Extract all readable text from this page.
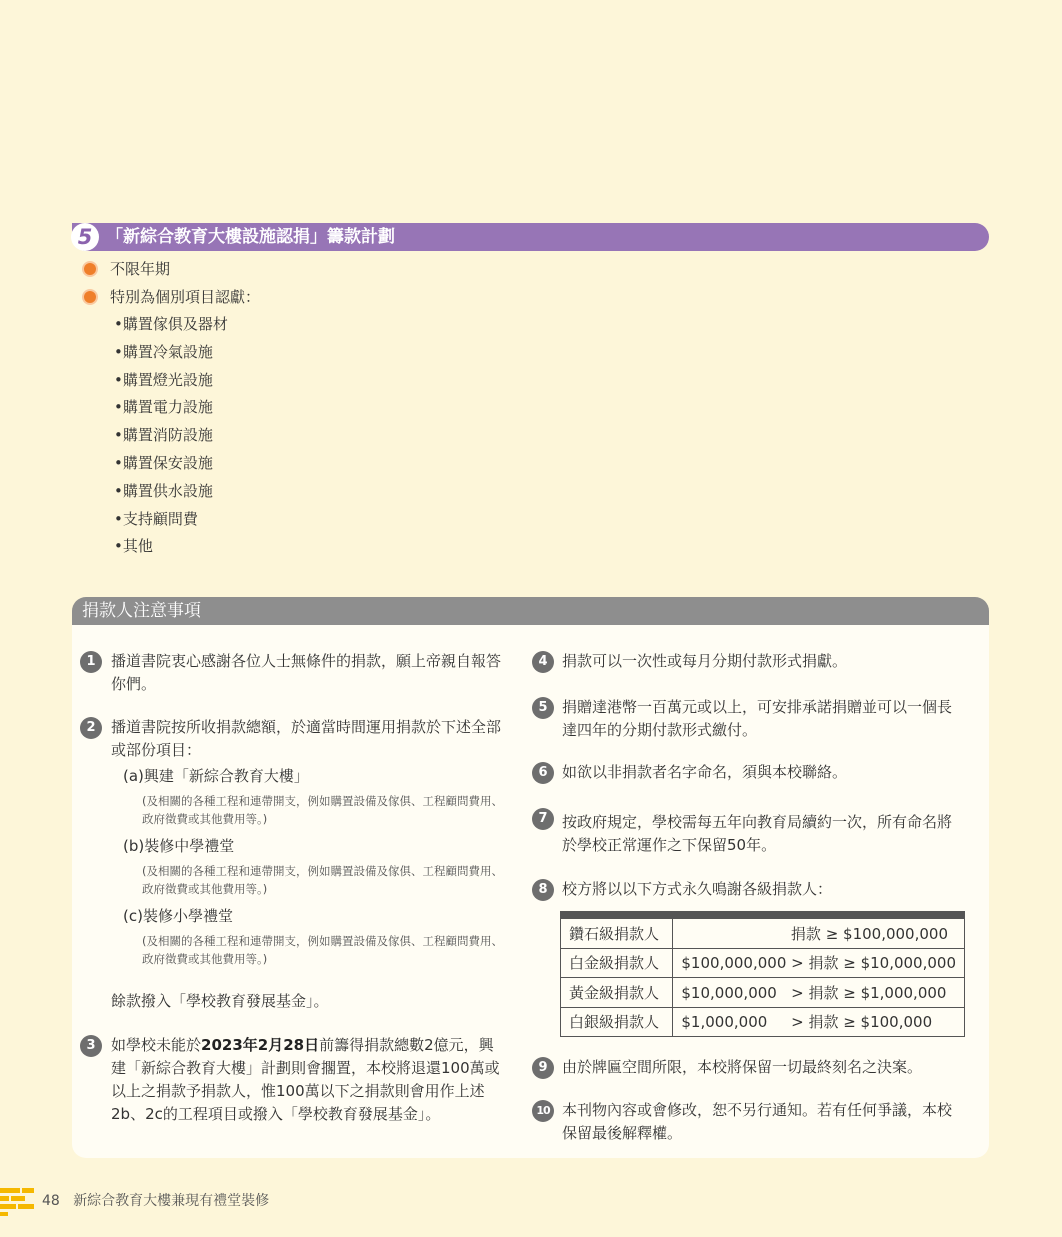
5 「新綜合教育大樓設施認捐」籌款計劃
不限年期
特別為個別項目認獻：
•購置傢俱及器材
•購置冷氣設施
•購置燈光設施
•購置電力設施
•購置消防設施
•購置保安設施
•購置供水設施
•支持顧問費
•其他
捐款人注意事項
1	播道書院衷心感謝各位人士無條件的捐款，願上帝親自報答你們。
2	播道書院按所收捐款總額，於適當時間運用捐款於下述全部或部份項目：
(a)興建「新綜合教育大樓」
(及相關的各種工程和連帶開支，例如購置設備及傢俱、工程顧問費用、政府徵費或其他費用等。)
(b)裝修中學禮堂
(及相關的各種工程和連帶開支，例如購置設備及傢俱、工程顧問費用、政府徵費或其他費用等。)
(c)裝修小學禮堂
(及相關的各種工程和連帶開支，例如購置設備及傢俱、工程顧問費用、政府徵費或其他費用等。)
餘款撥入「學校教育發展基金」。
3	如學校未能於2023年2月28日前籌得捐款總數2億元，興建「新綜合教育大樓」計劃則會擱置，本校將退還100萬或以上之捐款予捐款人，惟100萬以下之捐款則會用作上述2b、2c的工程項目或撥入「學校教育發展基金」。
4 捐款可以一次性或每月分期付款形式捐獻。
5 捐贈達港幣一百萬元或以上，可安排承諾捐贈並可以一個長達四年的分期付款形式繳付。
6 如欲以非捐款者名字命名，須與本校聯絡。
7 按政府規定，學校需每五年向教育局續約一次，所有命名將於學校正常運作之下保留50年。
8 校方將以以下方式永久鳴謝各級捐款人：
鑽石級捐款人	捐款 ≥ $100,000,000
白金級捐款人	$100,000,000 > 捐款 ≥ $10,000,000
黃金級捐款人	$10,000,000   > 捐款 ≥ $1,000,000
白銀級捐款人	$1,000,000     > 捐款 ≥ $100,000
9 由於牌匾空間所限，本校將保留一切最終刻名之決案。
10 本刊物內容或會修改，恕不另行通知。若有任何爭議，本校保留最後解釋權。
48 新綜合教育大樓兼現有禮堂裝修
